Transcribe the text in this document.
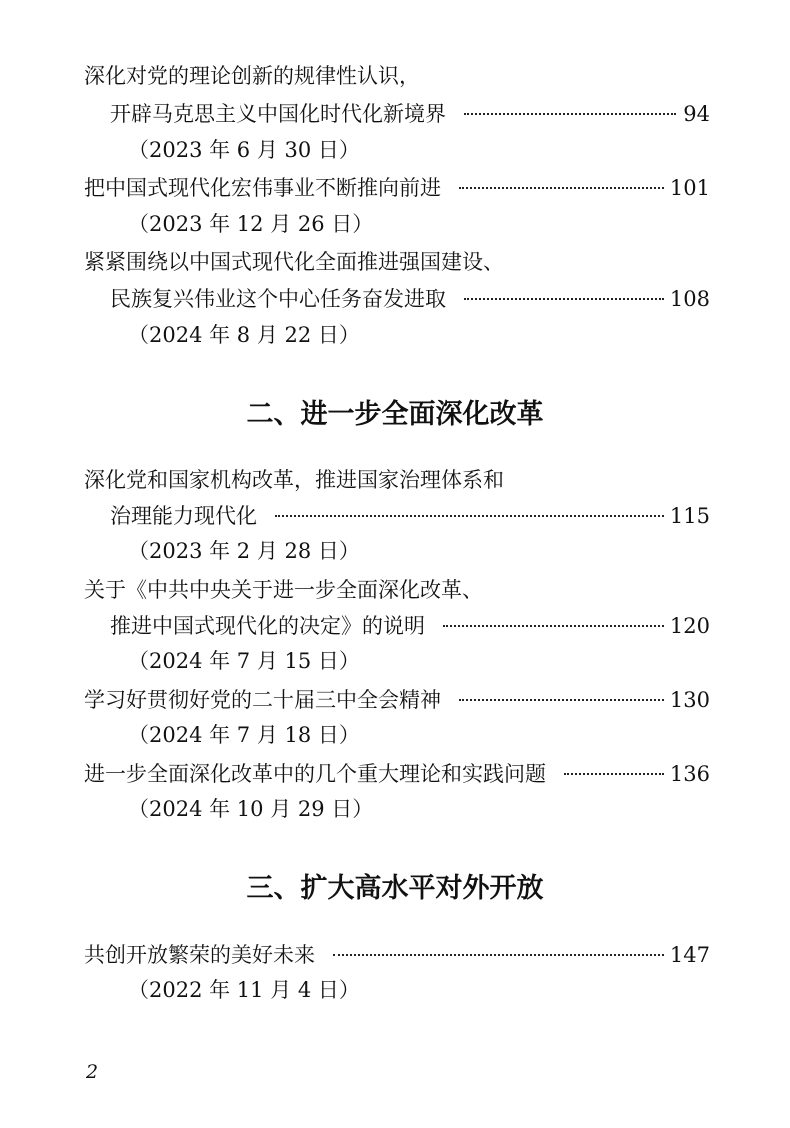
深化对党的理论创新的规律性认识，
开辟马克思主义中国化时代化新境界	94
（2023 年 6 月 30 日）
把中国式现代化宏伟事业不断推向前进	101
（2023 年 12 月 26 日）
紧紧围绕以中国式现代化全面推进强国建设、
民族复兴伟业这个中心任务奋发进取	108
（2024 年 8 月 22 日）
二、进一步全面深化改革
深化党和国家机构改革，推进国家治理体系和
治理能力现代化	115
（2023 年 2 月 28 日）
关于《中共中央关于进一步全面深化改革、
推进中国式现代化的决定》的说明	120
（2024 年 7 月 15 日）
学习好贯彻好党的二十届三中全会精神	130
（2024 年 7 月 18 日）
进一步全面深化改革中的几个重大理论和实践问题	136
（2024 年 10 月 29 日）
三、扩大高水平对外开放
共创开放繁荣的美好未来	147
（2022 年 11 月 4 日）
2
